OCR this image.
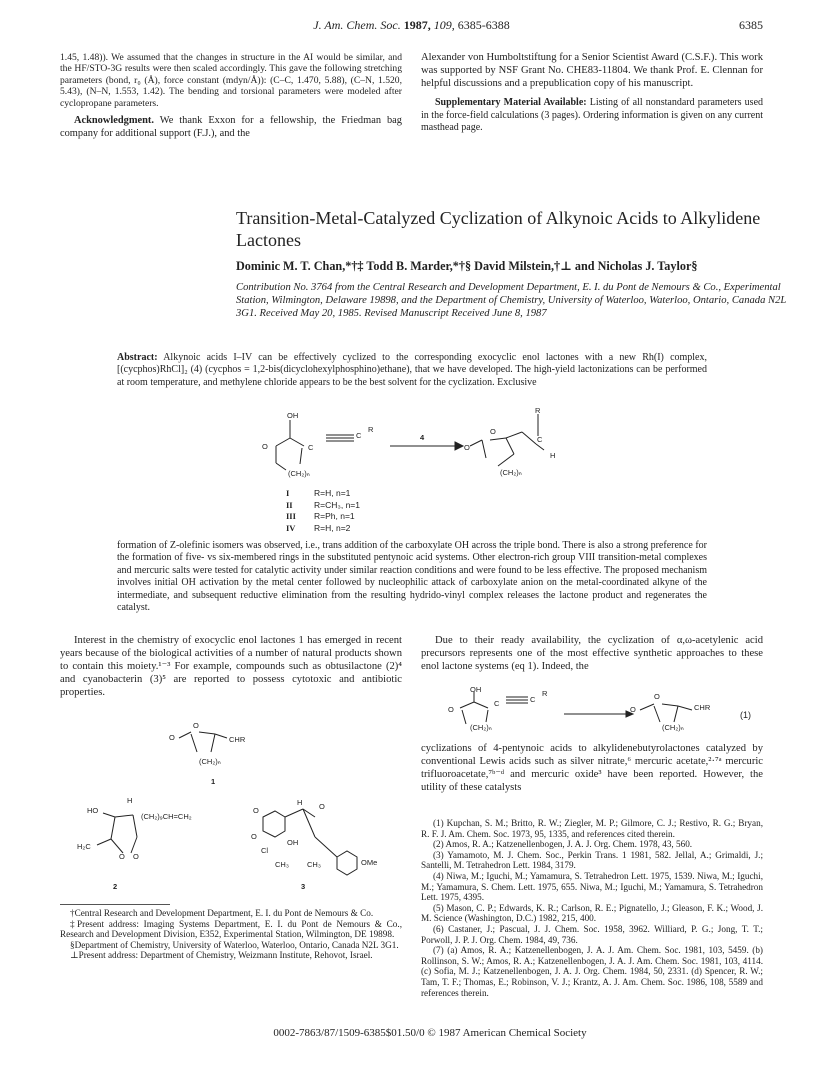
J. Am. Chem. Soc. 1987, 109, 6385-6388	6385

1.45, 1.48)). We assumed that the changes in structure in the AI would be similar, and the HF/STO-3G results were then scaled accordingly. This gave the following stretching parameters (bond, r₀ (Å), force constant (mdyn/Å)): (C–C, 1.470, 5.88), (C–N, 1.520, 5.43), (N–N, 1.553, 1.42). The bending and torsional parameters were modeled after cyclopropane parameters.

Acknowledgment. We thank Exxon for a fellowship, the Friedman bag company for additional support (F.J.), and the

Alexander von Humboltstiftung for a Senior Scientist Award (C.S.F.). This work was supported by NSF Grant No. CHE83-11804. We thank Prof. E. Clennan for helpful discussions and a prepublication copy of his manuscript.

Supplementary Material Available: Listing of all nonstandard parameters used in the force-field calculations (3 pages). Ordering information is given on any current masthead page.

Transition-Metal-Catalyzed Cyclization of Alkynoic Acids to Alkylidene Lactones
Dominic M. T. Chan,*†‡ Todd B. Marder,*†§ David Milstein,†⊥ and Nicholas J. Taylor§
Contribution No. 3764 from the Central Research and Development Department, E. I. du Pont de Nemours & Co., Experimental Station, Wilmington, Delaware 19898, and the Department of Chemistry, University of Waterloo, Waterloo, Ontario, Canada N2L 3G1. Received May 20, 1985. Revised Manuscript Received June 8, 1987

Abstract: Alkynoic acids I–IV can be effectively cyclized to the corresponding exocyclic enol lactones with a new Rh(I) complex, [(cycphos)RhCl]₂ (4) (cycphos = 1,2-bis(dicyclohexylphosphino)ethane), that we have developed. The high-yield lactonizations can be performed at room temperature, and methylene chloride appears to be the best solvent for the cyclization. Exclusive

OH
O	C
C
R
(CH₂)ₙ
4
O
O
(CH₂)ₙ
R
C
H
I	R=H, n=1
II	R=CH₃, n=1
III R=Ph, n=1
IV R=H, n=2

formation of Z-olefinic isomers was observed, i.e., trans addition of the carboxylate OH across the triple bond. There is also a strong preference for the formation of five- vs six-membered rings in the substituted pentynoic acid systems. Other electron-rich group VIII transition-metal complexes and mercuric salts were tested for catalytic activity under similar reaction conditions and were found to be less effective. The proposed mechanism involves initial OH activation by the metal center followed by nucleophilic attack of carboxylate anion on the metal-coordinated alkyne of the intermediate, and subsequent reductive elimination from the resulting hydrido-vinyl complex releases the lactone product and regenerates the catalyst.

Interest in the chemistry of exocyclic enol lactones 1 has emerged in recent years because of the biological activities of a number of natural products shown to contain this moiety.¹⁻³ For example, compounds such as obtusilactone (2)⁴ and cyanobacterin (3)⁵ are reported to possess cytotoxic and antibiotic properties.

O
O
CHR
(CH₂)ₙ
1
HO
H
(CH₂)₉CH=CH₂
H₂C
O O
2
O
O
H O
OH
Cl
CH₃ CH₃	OMe
3

†Central Research and Development Department, E. I. du Pont de Nemours & Co.

‡Present address: Imaging Systems Department, E. I. du Pont de Nemours & Co., Research and Development Division, E352, Experimental Station, Wilmington, DE 19898.

§Department of Chemistry, University of Waterloo, Waterloo, Ontario, Canada N2L 3G1.

⊥Present address: Department of Chemistry, Weizmann Institute, Rehovot, Israel.

Due to their ready availability, the cyclization of α,ω-acetylenic acid precursors represents one of the most effective synthetic approaches to these enol lactone systems (eq 1). Indeed, the

OH
O
C	C
R
(CH₂)ₙ
O
O
CHR
(CH₂)ₙ
(1)

cyclizations of 4-pentynoic acids to alkylidenebutyrolactones catalyzed by conventional Lewis acids such as silver nitrate,⁶ mercuric acetate,²·⁷ᵃ mercuric trifluoroacetate,⁷ᵇ⁻ᵈ and mercuric oxide³ have been reported. However, the utility of these catalysts

(1) Kupchan, S. M.; Britto, R. W.; Ziegler, M. P.; Gilmore, C. J.; Restivo, R. G.; Bryan, R. F. J. Am. Chem. Soc. 1973, 95, 1335, and references cited therein.

(2) Amos, R. A.; Katzenellenbogen, J. A. J. Org. Chem. 1978, 43, 560.

(3) Yamamoto, M. J. Chem. Soc., Perkin Trans. 1 1981, 582. Jellal, A.; Grimaldi, J.; Santelli, M. Tetrahedron Lett. 1984, 3179.

(4) Niwa, M.; Iguchi, M.; Yamamura, S. Tetrahedron Lett. 1975, 1539. Niwa, M.; Iguchi, M.; Yamamura, S. Chem. Lett. 1975, 655. Niwa, M.; Iguchi, M.; Yamamura, S. Tetrahedron Lett. 1975, 4395.

(5) Mason, C. P.; Edwards, K. R.; Carlson, R. E.; Pignatello, J.; Gleason, F. K.; Wood, J. M. Science (Washington, D.C.) 1982, 215, 400.

(6) Castaner, J.; Pascual, J. J. Chem. Soc. 1958, 3962. Williard, P. G.; Jong, T. T.; Porwoll, J. P. J. Org. Chem. 1984, 49, 736.

(7) (a) Amos, R. A.; Katzenellenbogen, J. A. J. Am. Chem. Soc. 1981, 103, 5459. (b) Rollinson, S. W.; Amos, R. A.; Katzenellenbogen, J. A. J. Am. Chem. Soc. 1981, 103, 4114. (c) Sofia, M. J.; Katzenellenbogen, J. A. J. Org. Chem. 1984, 50, 2331. (d) Spencer, R. W.; Tam, T. F.; Thomas, E.; Robinson, V. J.; Krantz, A. J. Am. Chem. Soc. 1986, 108, 5589 and references therein.

0002-7863/87/1509-6385$01.50/0 © 1987 American Chemical Society
